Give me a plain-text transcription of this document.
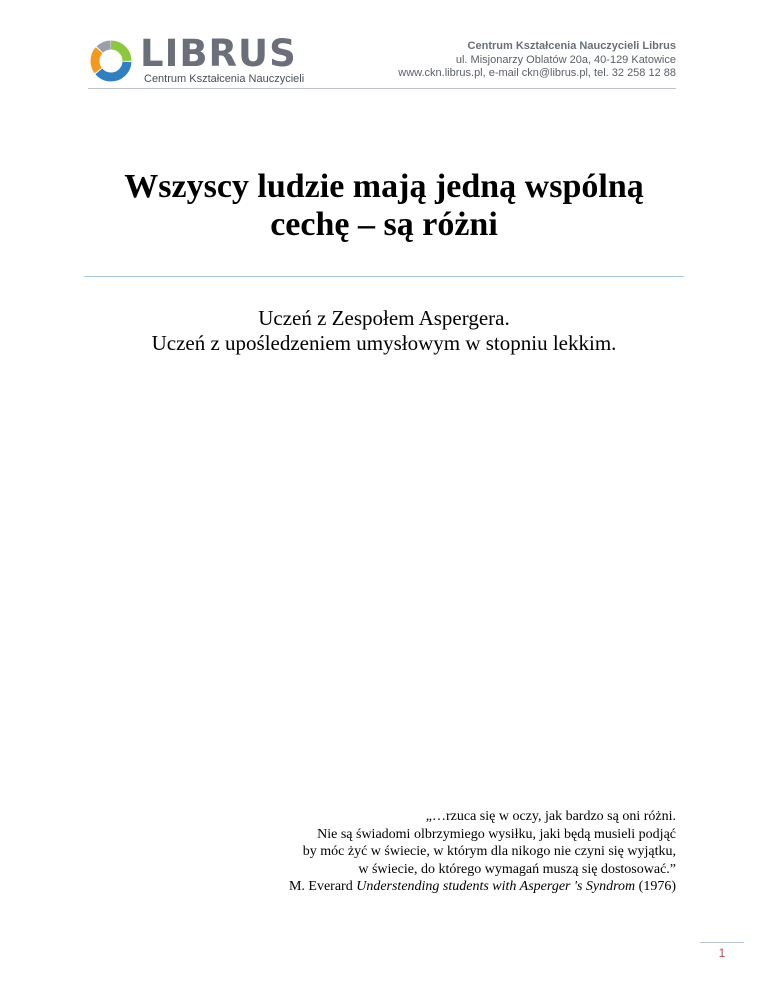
LIBRUS
Centrum Kształcenia Nauczycieli
Centrum Kształcenia Nauczycieli Librus
ul. Misjonarzy Oblatów 20a, 40-129 Katowice
www.ckn.librus.pl, e-mail ckn@librus.pl, tel. 32 258 12 88
Wszyscy ludzie mają jedną wspólną
cechę – są różni
Uczeń z Zespołem Aspergera.
Uczeń z upośledzeniem umysłowym w stopniu lekkim.
„…rzuca się w oczy, jak bardzo są oni różni.
Nie są świadomi olbrzymiego wysiłku, jaki będą musieli podjąć
by móc żyć w świecie, w którym dla nikogo nie czyni się wyjątku,
w świecie, do którego wymagań muszą się dostosować.”
M. Everard Understending students with Asperger 's Syndrom (1976)
1
